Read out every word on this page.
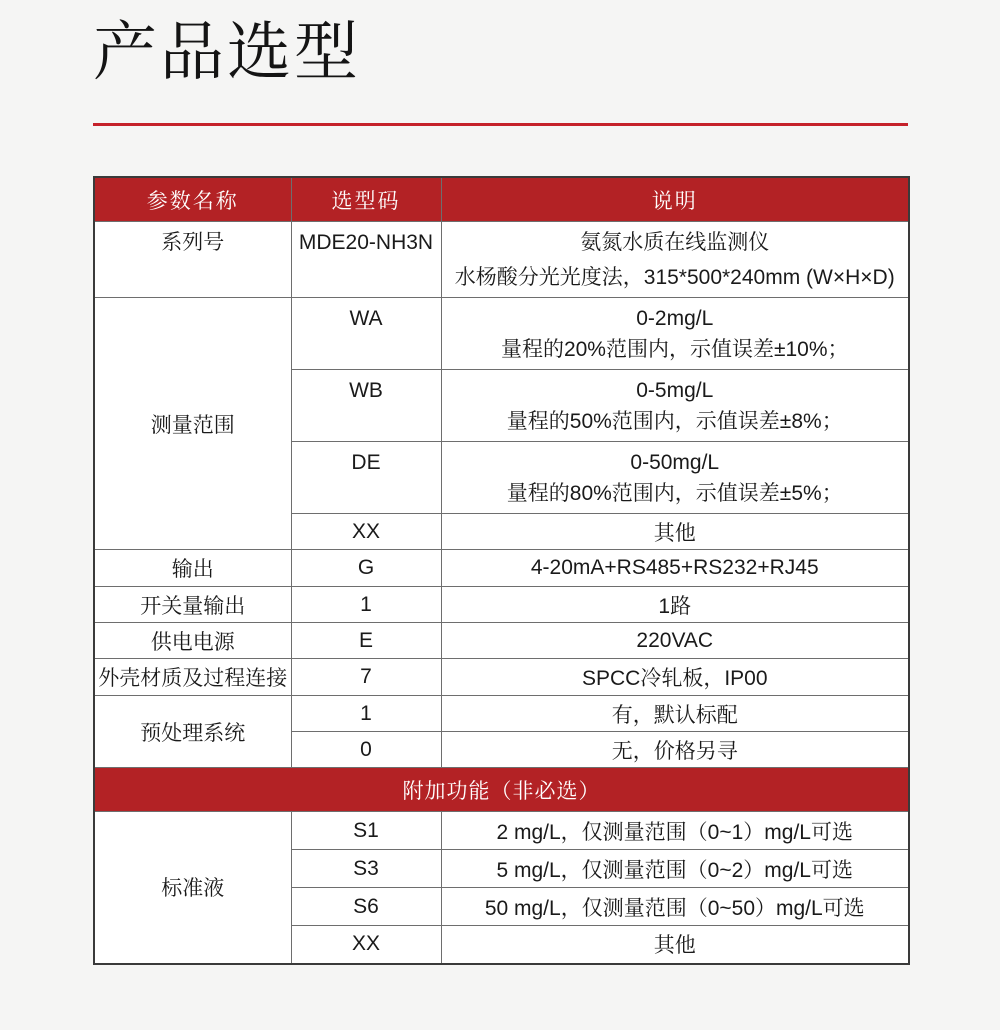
产品选型
参数名称	选型码	说明
系列号	MDE20-NH3N	氨氮水质在线监测仪
水杨酸分光光度法，315*500*240mm (W×H×D)

测量范围	WA	0-2mg/L
量程的20%范围内，示值误差±10%；

	WB	0-5mg/L
量程的50%范围内，示值误差±8%；

	DE	0-50mg/L
量程的80%范围内，示值误差±5%；

	XX	其他
输出	G	4-20mA+RS485+RS232+RJ45
开关量输出	1	1路
供电电源	E	220VAC
外壳材质及过程连接	7	SPCC冷轧板，IP00
预处理系统	1	有，默认标配
	0	无，价格另寻
附加功能（非必选）		
标准液	S1	2 mg/L，仅测量范围（0~1）mg/L可选
	S3	5 mg/L，仅测量范围（0~2）mg/L可选
	S6	50 mg/L，仅测量范围（0~50）mg/L可选
	XX	其他
